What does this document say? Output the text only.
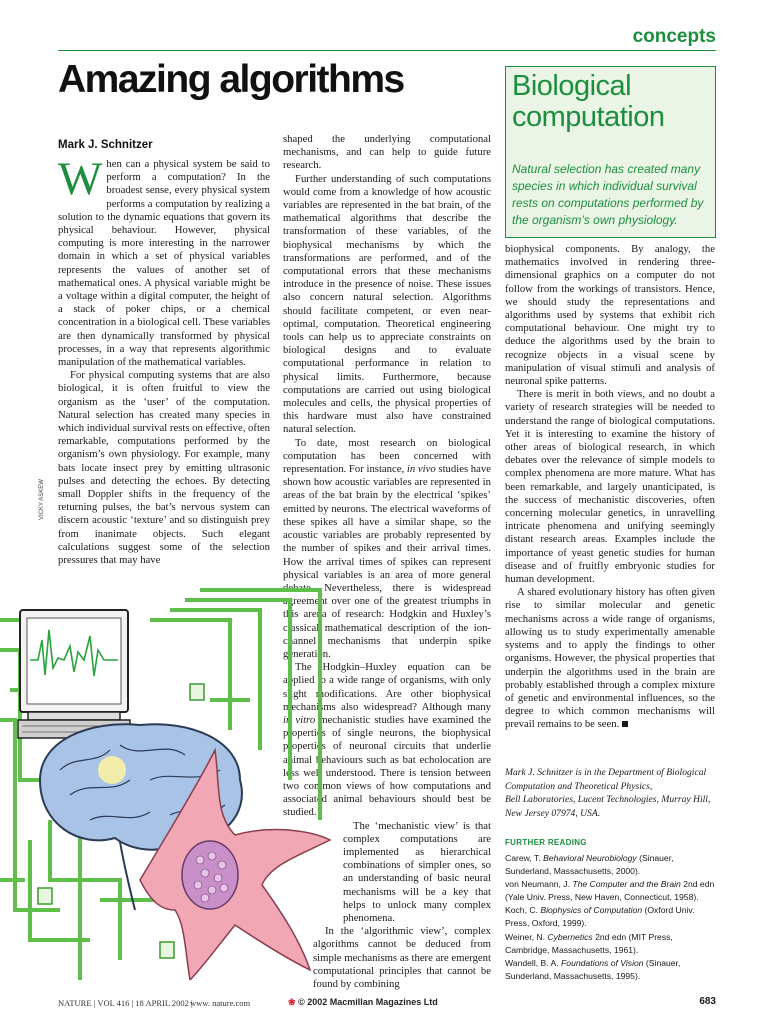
concepts
Amazing algorithms
Mark J. Schnitzer

When can a physical system be said to perform a computation? In the broadest sense, every physical system performs a computation by realizing a solution to the dynamic equations that govern its physical behaviour. However, physical computing is more interesting in the narrower domain in which a set of physical variables represents the values of another set of mathematical ones. A physical variable might be a voltage within a digital computer, the height of a stack of poker chips, or a chemical concentration in a biological cell. These variables are then dynamically transformed by physical processes, in a way that represents algorithmic manipulation of the mathematical variables.

For physical computing systems that are also biological, it is often fruitful to view the organism as the ‘user’ of the computation. Natural selection has created many species in which individual survival rests on effective, often remarkable, computations performed by the organism’s own physiology. For example, many bats locate insect prey by emitting ultrasonic pulses and detecting the echoes. By detecting small Doppler shifts in the frequency of the returning pulses, the bat’s nervous system can discern acoustic ‘texture’ and so distinguish prey from inanimate objects. Such elegant calculations suggest some of the selection pressures that may have

VICKY ASKEW

shaped the underlying computational mechanisms, and can help to guide future research.

Further understanding of such computations would come from a knowledge of how acoustic variables are represented in the bat brain, of the mathematical algorithms that describe the transformation of these variables, of the biophysical mechanisms by which the transformations are performed, and of the computational errors that these mechanisms introduce in the presence of noise. These issues also concern natural selection. Algorithms should facilitate competent, or even near-optimal, computation. Theoretical engineering tools can help us to appreciate constraints on biological designs and to evaluate computational performance in relation to physical limits. Furthermore, because computations are carried out using biological molecules and cells, the physical properties of this hardware must also have constrained natural selection.

To date, most research on biological computation has been concerned with representation. For instance, in vivo studies have shown how acoustic variables are represented in areas of the bat brain by the electrical ‘spikes’ emitted by neurons. The electrical waveforms of these spikes all have a similar shape, so the acoustic variables are probably represented by the number of spikes and their arrival times. How the arrival times of spikes can represent physical variables is an area of more general debate. Nevertheless, there is widespread agreement over one of the greatest triumphs in this arena of research: Hodgkin and Huxley’s classical mathematical description of the ion-channel mechanisms that underpin spike generation.

The Hodgkin–Huxley equation can be applied to a wide range of organisms, with only slight modifications. Are other biophysical mechanisms also widespread? Although many in vitro mechanistic studies have examined the properties of single neurons, the biophysical properties of neuronal circuits that underlie animal behaviours such as bat echolocation are less well understood. There is tension between two common views of how computations and associated animal behaviours should best be studied.

The ‘mechanistic view’ is that complex computations are implemented as hierarchical combinations of simpler ones, so an understanding of basic neural mechanisms will be a key that helps to unlock many complex phenomena.

In the ‘algorithmic view’, complex algorithms cannot be deduced from simple mechanisms as there are emergent computational principles that cannot be found by combining

Biological
computation
Natural selection has created many species in which individual survival rests on computations performed by the organism’s own physiology.

biophysical components. By analogy, the mathematics involved in rendering three-dimensional graphics on a computer do not follow from the workings of transistors. Hence, we should study the representations and algorithms used by systems that exhibit rich computational behaviour. One might try to deduce the algorithms used by the brain to recognize objects in a visual scene by manipulation of visual stimuli and analysis of neuronal spike patterns.

There is merit in both views, and no doubt a variety of research strategies will be needed to understand the range of biological computations. Yet it is interesting to examine the history of other areas of biological research, in which debates over the relevance of simple models to complex phenomena are more mature. What has been remarkable, and largely unanticipated, is the success of mechanistic discoveries, often concerning molecular genetics, in unravelling intricate phenomena and unifying seemingly distant research areas. Examples include the importance of yeast genetic studies for human disease and of fruitfly embryonic studies for human development.

A shared evolutionary history has often given rise to similar molecular and genetic mechanisms across a wide range of organisms, allowing us to study experimentally amenable systems and to apply the findings to other organisms. However, the physical properties that underpin the algorithms used in the brain are probably established through a complex mixture of genetic and environmental influences, so the degree to which common mechanisms will prevail remains to be seen.

Mark J. Schnitzer is in the Department of Biological
Computation and Theoretical Physics,
Bell Laboratories, Lucent Technologies, Murray Hill,
New Jersey 07974, USA.
FURTHER READING
Carew, T. Behavioral Neurobiology (Sinauer,
Sunderland, Massachusetts, 2000).
von Neumann, J. The Computer and the Brain 2nd edn
(Yale Univ. Press, New Haven, Connecticut, 1958).
Koch, C. Biophysics of Computation (Oxford Univ.
Press, Oxford, 1999).
Weiner, N. Cybernetics 2nd edn (MIT Press,
Cambridge, Massachusetts, 1961).
Wandell, B. A. Foundations of Vision (Sinauer,
Sunderland, Massachusetts, 1995).
NATURE | VOL 416 | 18 APRIL 2002 |
www. nature.com	❀ © 2002 Macmillan Magazines Ltd	683
